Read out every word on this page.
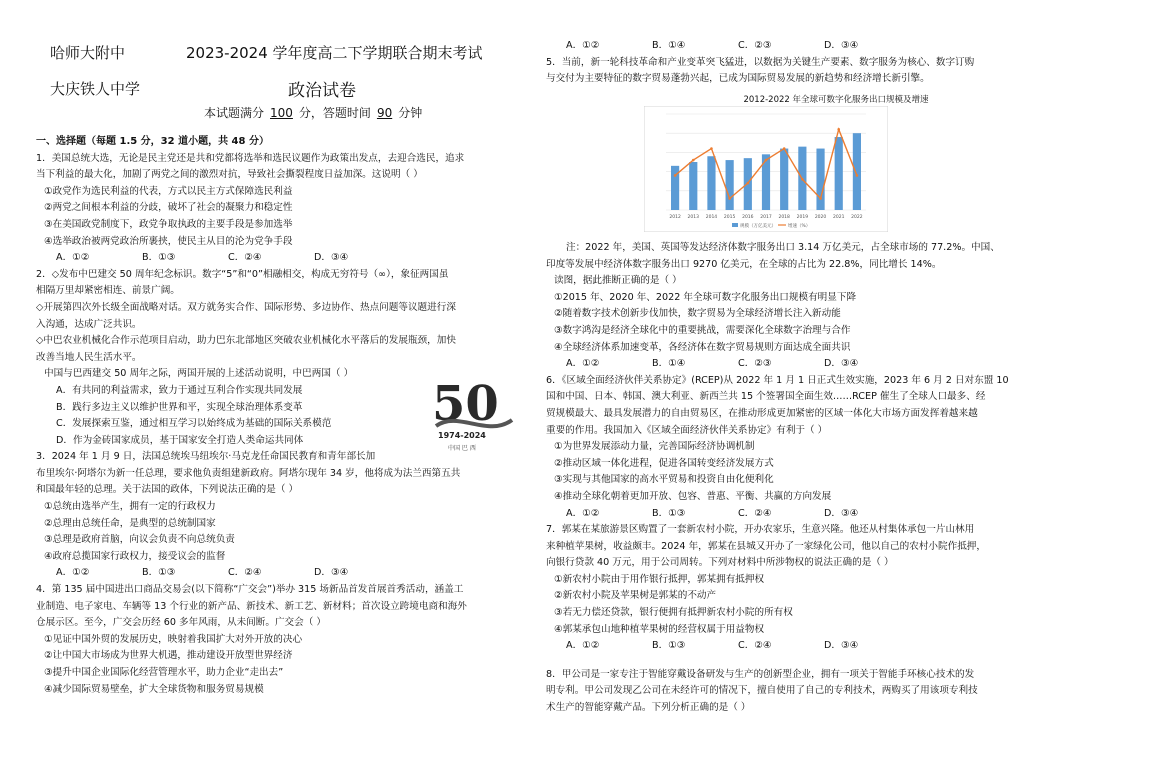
哈师大附中	2023-2024 学年度高二下学期联合期末考试
大庆铁人中学	政治试卷
本试题满分 100 分，答题时间 90 分钟

一、选择题（每题 1.5 分，32 道小题，共 48 分）

1．美国总统大选，无论是民主党还是共和党都将选举和选民议题作为政策出发点，去迎合选民，追求

当下利益的最大化，加剧了两党之间的激烈对抗，导致社会撕裂程度日益加深。这说明（ ）

①政党作为选民利益的代表，方式以民主方式保障选民利益

②两党之间根本利益的分歧，破坏了社会的凝聚力和稳定性

③在美国政党制度下，政党争取执政的主要手段是参加选举

④选举政治被两党政治所裹挟，使民主从目的沦为党争手段

A．①②	B．①③	C．②④	D．③④

2．◇发布中巴建交 50 周年纪念标识。数字“5”和“0”相融相交，构成无穷符号（∞），象征两国虽

相隔万里却紧密相连、前景广阔。

◇开展第四次外长级全面战略对话。双方就务实合作、国际形势、多边协作、热点问题等议题进行深

入沟通，达成广泛共识。

◇中巴农业机械化合作示范项目启动，助力巴东北部地区突破农业机械化水平落后的发展瓶颈，加快

改善当地人民生活水平。

中国与巴西建交 50 周年之际，两国开展的上述活动说明，中巴两国（ ）

A．有共同的利益需求，致力于通过互利合作实现共同发展

B．践行多边主义以维护世界和平，实现全球治理体系变革

C．发展探索互鉴，通过相互学习以始终成为基础的国际关系模范

D．作为金砖国家成员，基于国家安全打造人类命运共同体

3．2024 年 1 月 9 日，法国总统埃马纽埃尔·马克龙任命国民教育和青年部长加

布里埃尔·阿塔尔为新一任总理，要求他负责组建新政府。阿塔尔现年 34 岁，他将成为法兰西第五共

和国最年轻的总理。关于法国的政体，下列说法正确的是（ ）

①总统由选举产生，拥有一定的行政权力

②总理由总统任命，是典型的总统制国家

③总理是政府首脑，向议会负责不向总统负责

④政府总揽国家行政权力，接受议会的监督

A．①②	B．①③	C．②④	D．③④

4．第 135 届中国进出口商品交易会(以下简称“广交会”)举办 315 场新品首发首展首秀活动，涵盖工

业制造、电子家电、车辆等 13 个行业的新产品、新技术、新工艺、新材料；首次设立跨境电商和海外

仓展示区。至今，广交会历经 60 多年风雨，从未间断。广交会（ ）

①见证中国外贸的发展历史，映射着我国扩大对外开放的决心

②让中国大市场成为世界大机遇，推动建设开放型世界经济

③提升中国企业国际化经营管理水平，助力企业“走出去”

④减少国际贸易壁垒，扩大全球货物和服务贸易规模

50
1974-2024
中国 巴 西
A．①②	B．①④	C．②③	D．③④

5．当前，新一轮科技革命和产业变革突飞猛进，以数据为关键生产要素、数字服务为核心、数字订购

与交付为主要特征的数字贸易蓬勃兴起，已成为国际贸易发展的新趋势和经济增长新引擎。

2012-2022 年全球可数字化服务出口规模及增速
2012 2013 2014 2015 2016 2017 2018 2019 2020 2021 2022
规模（万亿美元）	增速（%）

注：2022 年，美国、英国等发达经济体数字服务出口 3.14 万亿美元，占全球市场的 77.2%。中国、

印度等发展中经济体数字服务出口 9270 亿美元，在全球的占比为 22.8%，同比增长 14%。

读图，据此推断正确的是（ ）

①2015 年、2020 年、2022 年全球可数字化服务出口规模有明显下降

②随着数字技术创新步伐加快，数字贸易为全球经济增长注入新动能

③数字鸿沟是经济全球化中的重要挑战，需要深化全球数字治理与合作

④全球经济体系加速变革，各经济体在数字贸易规则方面达成全面共识

A．①②	B．①④	C．②③	D．③④

6．《区域全面经济伙伴关系协定》(RCEP)从 2022 年 1 月 1 日正式生效实施，2023 年 6 月 2 日对东盟 10

国和中国、日本、韩国、澳大利亚、新西兰共 15 个签署国全面生效……RCEP 催生了全球人口最多、经

贸规模最大、最具发展潜力的自由贸易区，在推动形成更加紧密的区域一体化大市场方面发挥着越来越

重要的作用。我国加入《区域全面经济伙伴关系协定》有利于（ ）

①为世界发展添动力量，完善国际经济协调机制

②推动区域一体化进程，促进各国转变经济发展方式

③实现与其他国家的高水平贸易和投资自由化便利化

④推动全球化朝着更加开放、包容、普惠、平衡、共赢的方向发展

A．①②	B．①③	C．②④	D．③④

7．郭某在某旅游景区购置了一套新农村小院，开办农家乐，生意兴隆。他还从村集体承包一片山林用

来种植苹果树，收益颇丰。2024 年，郭某在县城又开办了一家绿化公司，他以自己的农村小院作抵押，

向银行贷款 40 万元，用于公司周转。下列对材料中所涉物权的说法正确的是（ ）

①新农村小院由于用作银行抵押，郭某拥有抵押权

②新农村小院及苹果树是郭某的不动产

③若无力偿还贷款，银行便拥有抵押新农村小院的所有权

④郭某承包山地种植苹果树的经营权属于用益物权

A．①②	B．①③	C．②④	D．③④

8．甲公司是一家专注于智能穿戴设备研发与生产的创新型企业，拥有一项关于智能手环核心技术的发

明专利。甲公司发现乙公司在未经许可的情况下，擅自使用了自己的专利技术，两购买了用该项专利技

术生产的智能穿戴产品。下列分析正确的是（ ）
